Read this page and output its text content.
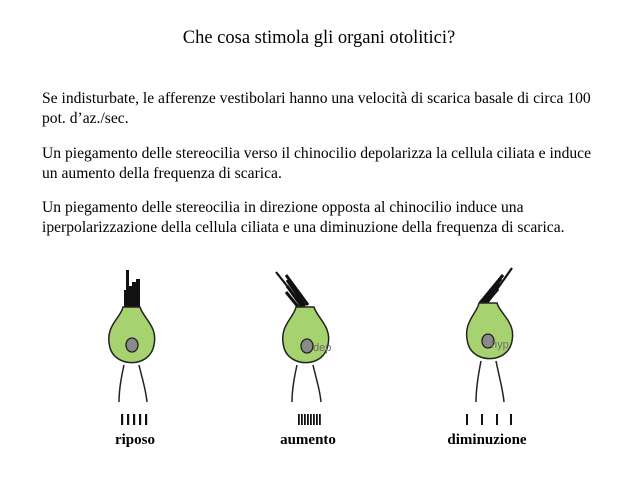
Che cosa stimola gli organi otolitici?

Se indisturbate, le afferenze vestibolari hanno una velocità di scarica basale di circa 100 pot. d’az./sec.

Un piegamento delle stereocilia verso il chinocilio depolarizza la cellula ciliata e induce un aumento della frequenza di scarica.

Un piegamento delle stereocilia in direzione opposta al chinocilio induce una iperpolarizzazione della cellula ciliata e una diminuzione della frequenza di scarica.

dep	hyp
riposo	aumento	diminuzione
